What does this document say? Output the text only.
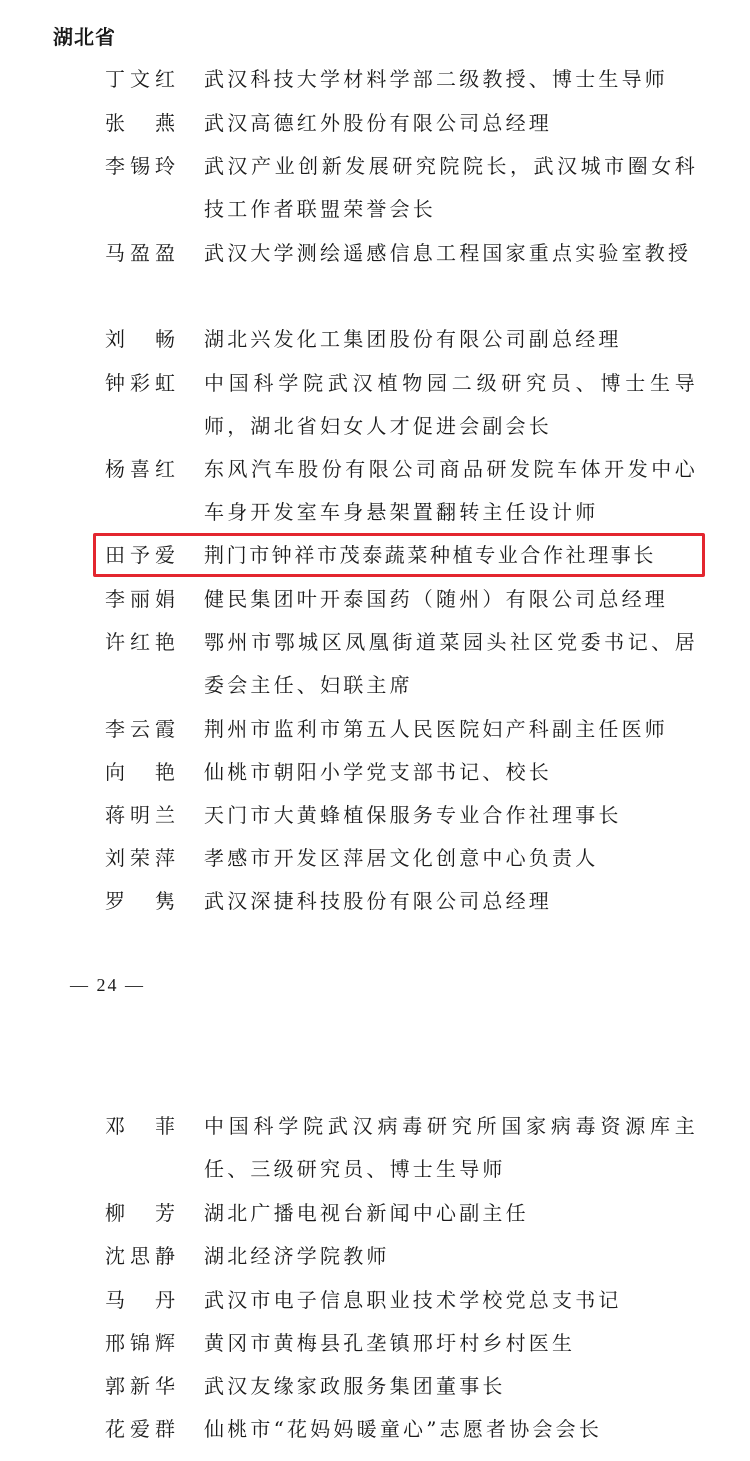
湖北省
丁文红 武汉科技大学材料学部二级教授、博士生导师
张　燕 武汉高德红外股份有限公司总经理
李锡玲 武汉产业创新发展研究院院长，武汉城市圈女科技工作者联盟荣誉会长
马盈盈 武汉大学测绘遥感信息工程国家重点实验室教授
刘　畅 湖北兴发化工集团股份有限公司副总经理
钟彩虹 中国科学院武汉植物园二级研究员、博士生导师，湖北省妇女人才促进会副会长
杨喜红 东风汽车股份有限公司商品研发院车体开发中心车身开发室车身悬架置翻转主任设计师
田予爱 荆门市钟祥市茂泰蔬菜种植专业合作社理事长
李丽娟 健民集团叶开泰国药（随州）有限公司总经理
许红艳 鄂州市鄂城区凤凰街道菜园头社区党委书记、居委会主任、妇联主席
李云霞 荆州市监利市第五人民医院妇产科副主任医师
向　艳 仙桃市朝阳小学党支部书记、校长
蒋明兰 天门市大黄蜂植保服务专业合作社理事长
刘荣萍 孝感市开发区萍居文化创意中心负责人
罗　隽 武汉深捷科技股份有限公司总经理
— 24 —
邓　菲 中国科学院武汉病毒研究所国家病毒资源库主任、三级研究员、博士生导师
柳　芳 湖北广播电视台新闻中心副主任
沈思静 湖北经济学院教师
马　丹 武汉市电子信息职业技术学校党总支书记
邢锦辉 黄冈市黄梅县孔垄镇邢圩村乡村医生
郭新华 武汉友缘家政服务集团董事长
花爱群 仙桃市“花妈妈暖童心”志愿者协会会长
